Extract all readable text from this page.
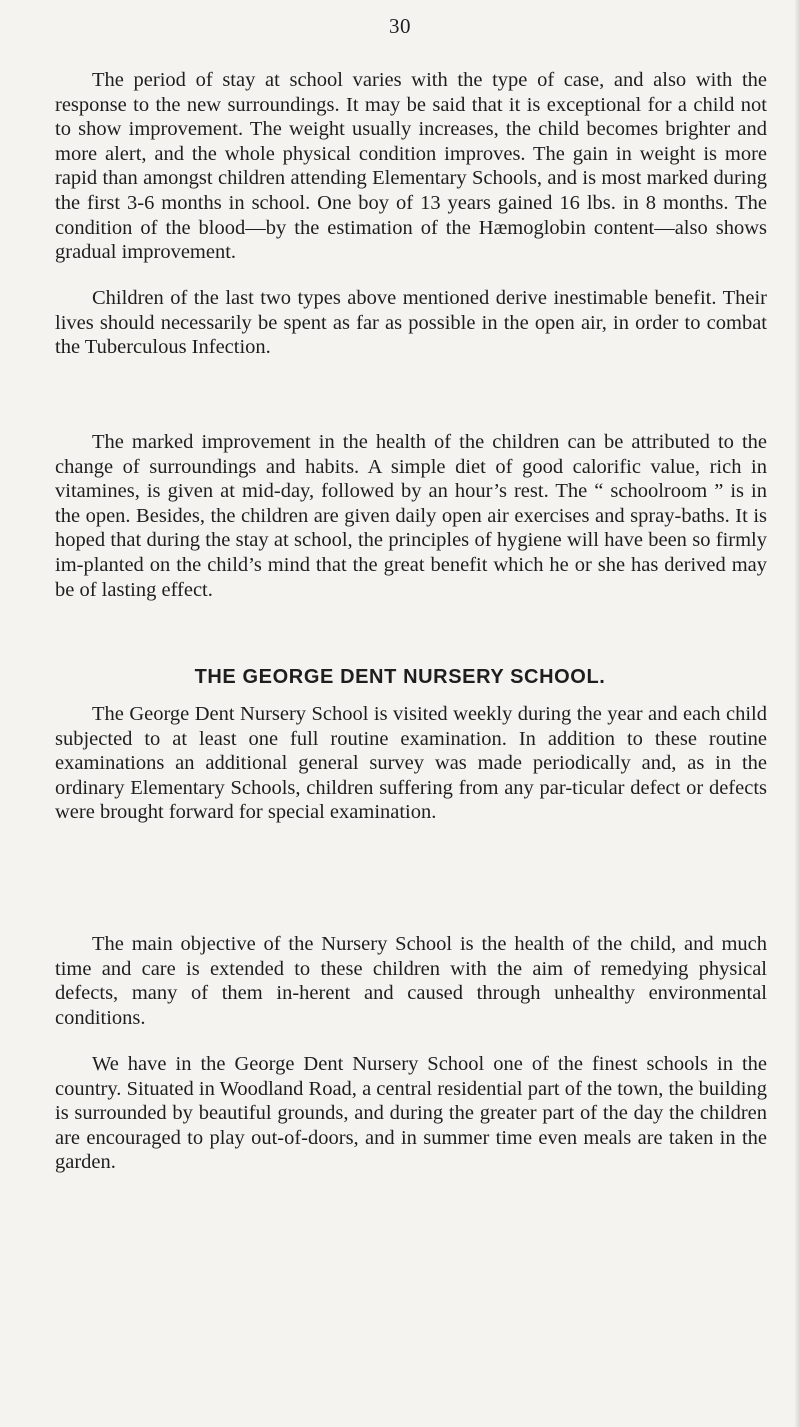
30

The period of stay at school varies with the type of case, and also with the response to the new surroundings. It may be said that it is exceptional for a child not to show improvement. The weight usually increases, the child becomes brighter and more alert, and the whole physical condition improves. The gain in weight is more rapid than amongst children attending Elementary Schools, and is most marked during the first 3-6 months in school. One boy of 13 years gained 16 lbs. in 8 months. The condition of the blood—by the estimation of the Hæmoglobin content—also shows gradual improvement.

Children of the last two types above mentioned derive inestimable benefit. Their lives should necessarily be spent as far as possible in the open air, in order to combat the Tuberculous Infection.

The marked improvement in the health of the children can be attributed to the change of surroundings and habits. A simple diet of good calorific value, rich in vitamines, is given at mid-day, followed by an hour’s rest. The “ schoolroom ” is in the open. Besides, the children are given daily open air exercises and spray-baths. It is hoped that during the stay at school, the principles of hygiene will have been so firmly im-planted on the child’s mind that the great benefit which he or she has derived may be of lasting effect.

THE GEORGE DENT NURSERY SCHOOL.

The George Dent Nursery School is visited weekly during the year and each child subjected to at least one full routine examination. In addition to these routine examinations an additional general survey was made periodically and, as in the ordinary Elementary Schools, children suffering from any par-ticular defect or defects were brought forward for special examination.

The main objective of the Nursery School is the health of the child, and much time and care is extended to these children with the aim of remedying physical defects, many of them in-herent and caused through unhealthy environmental conditions.

We have in the George Dent Nursery School one of the finest schools in the country. Situated in Woodland Road, a central residential part of the town, the building is surrounded by beautiful grounds, and during the greater part of the day the children are encouraged to play out-of-doors, and in summer time even meals are taken in the garden.
